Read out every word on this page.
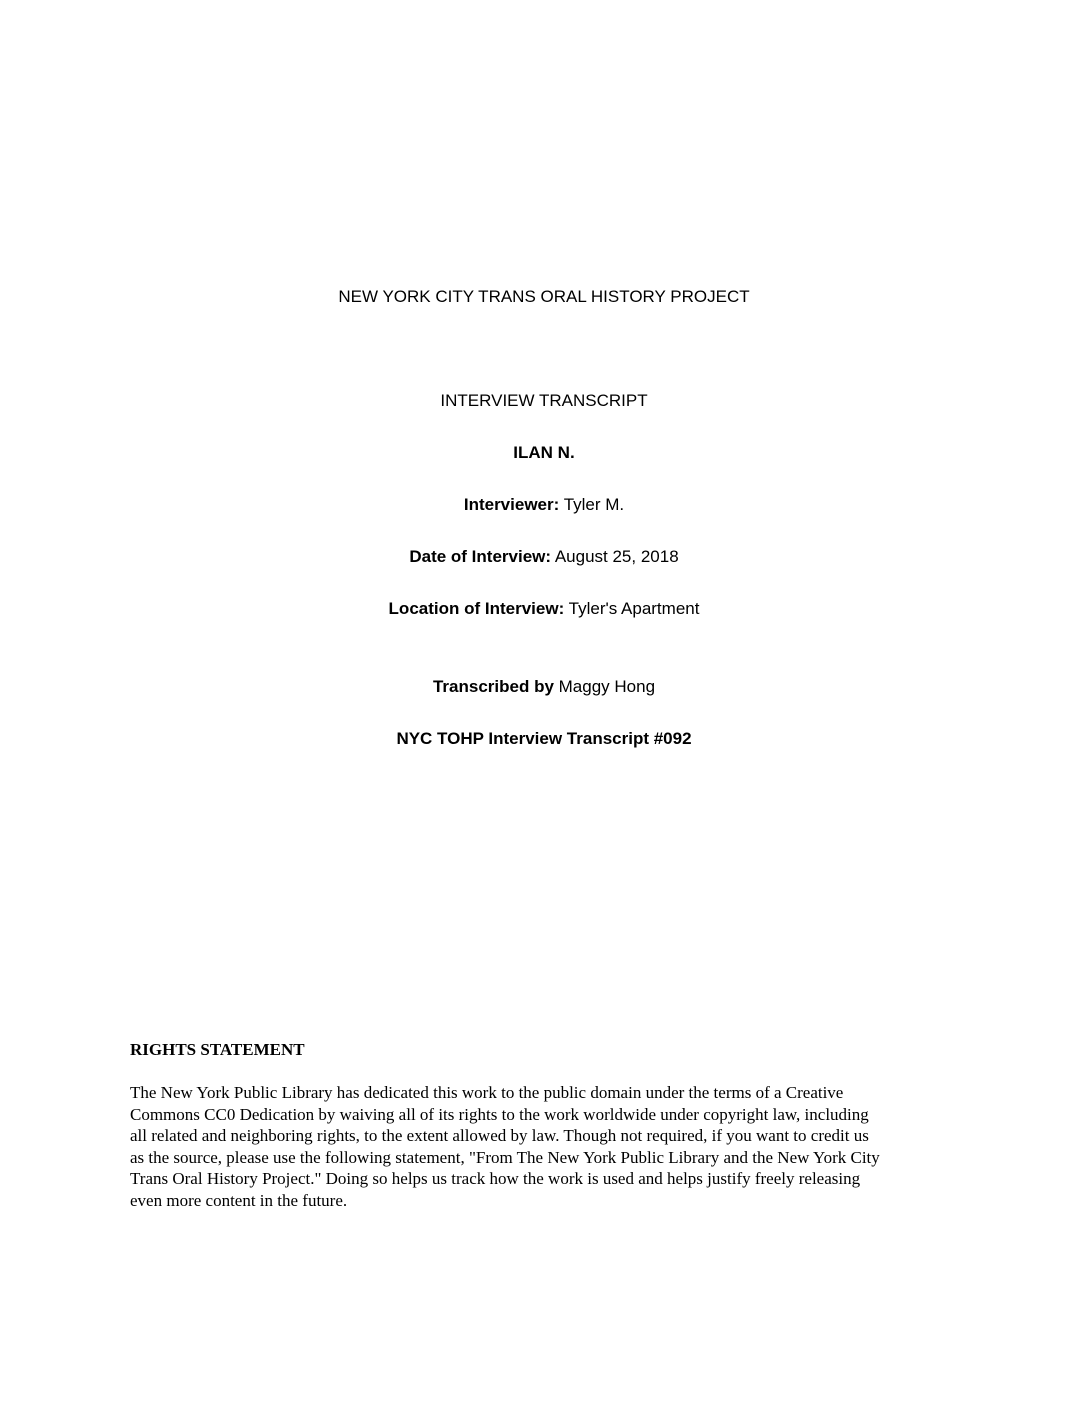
NEW YORK CITY TRANS ORAL HISTORY PROJECT
INTERVIEW TRANSCRIPT
ILAN N.
Interviewer: Tyler M.
Date of Interview: August 25, 2018
Location of Interview: Tyler's Apartment
Transcribed by Maggy Hong
NYC TOHP Interview Transcript #092
RIGHTS STATEMENT
The New York Public Library has dedicated this work to the public domain under the terms of a Creative
Commons CC0 Dedication by waiving all of its rights to the work worldwide under copyright law, including
all related and neighboring rights, to the extent allowed by law. Though not required, if you want to credit us
as the source, please use the following statement, "From The New York Public Library and the New York City
Trans Oral History Project." Doing so helps us track how the work is used and helps justify freely releasing
even more content in the future.
